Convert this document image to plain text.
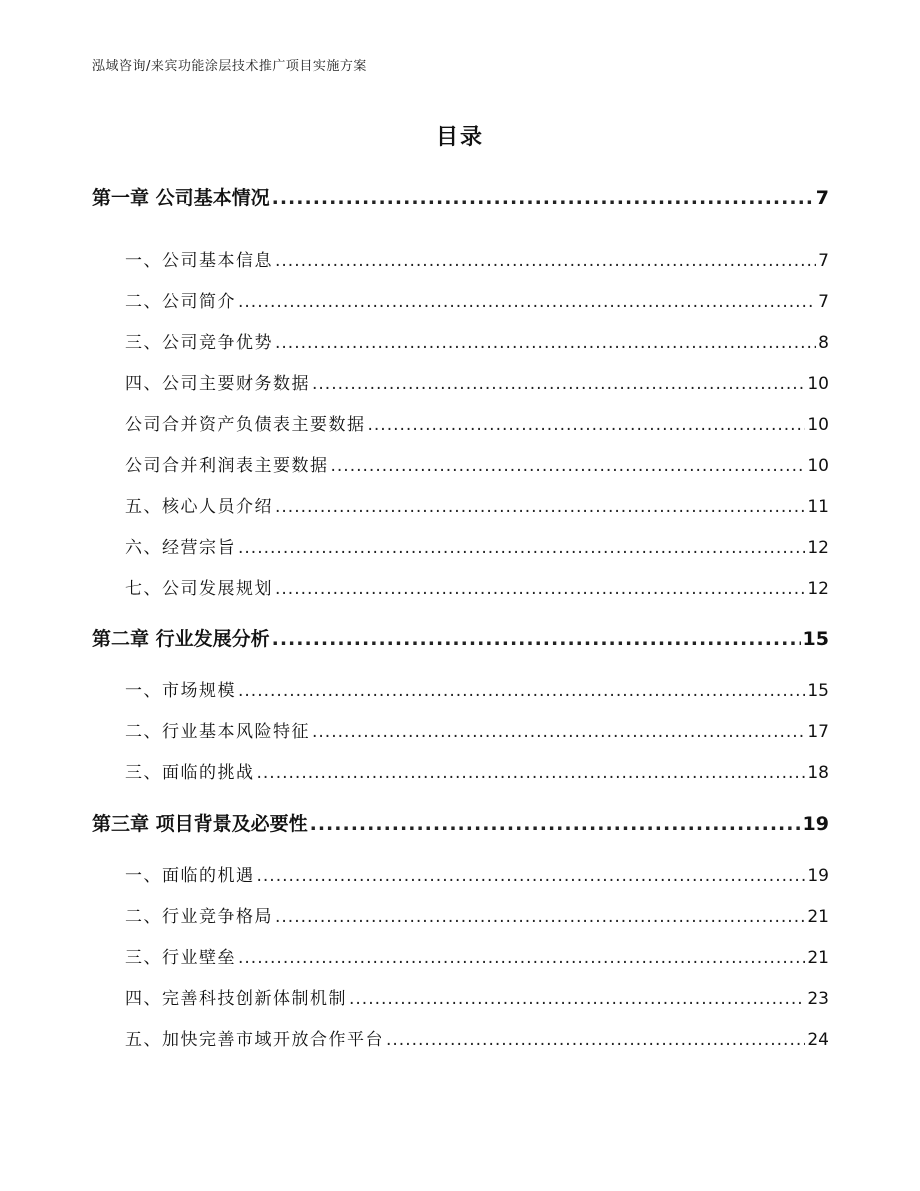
泓域咨询/来宾功能涂层技术推广项目实施方案
目录
第一章 公司基本情况 .....	7
一、 公司基本信息 .....	7
二、 公司简介 .....	7
三、 公司竞争优势 .....	8
四、 公司主要财务数据 .....	10
公司合并资产负债表主要数据 .....	10
公司合并利润表主要数据 .....	10
五、 核心人员介绍 .....	11
六、 经营宗旨 .....	12
七、 公司发展规划 .....	12
第二章 行业发展分析 .....	15
一、 市场规模 .....	15
二、 行业基本风险特征 .....	17
三、 面临的挑战 .....	18
第三章 项目背景及必要性 .....	19
一、 面临的机遇 .....	19
二、 行业竞争格局 .....	21
三、 行业壁垒 .....	21
四、 完善科技创新体制机制 .....	23
五、 加快完善市域开放合作平台 .....	24
